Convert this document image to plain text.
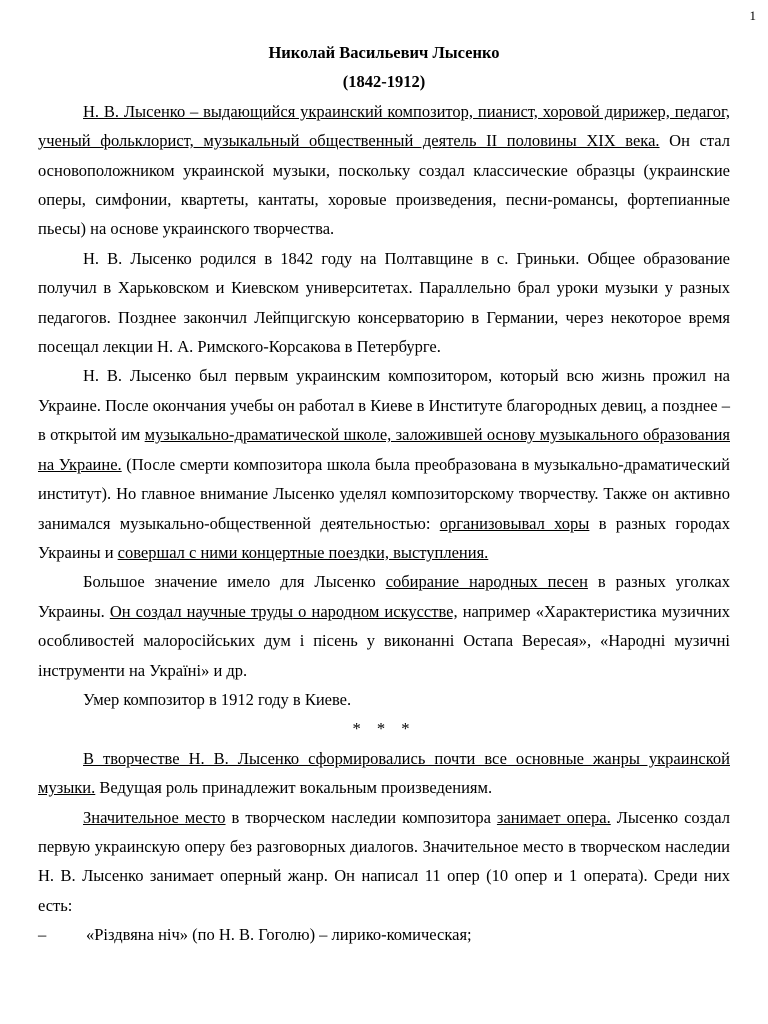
1

Николай Васильевич Лысенко

(1842-1912)

Н. В. Лысенко – выдающийся украинский композитор, пианист, хоровой дирижер, педагог, ученый фольклорист, музыкальный общественный деятель II половины XIX века. Он стал основоположником украинской музыки, поскольку создал классические образцы (украинские оперы, симфонии, квартеты, кантаты, хоровые произведения, песни-романсы, фортепианные пьесы) на основе украинского творчества.

Н. В. Лысенко родился в 1842 году на Полтавщине в с. Гриньки. Общее образование получил в Харьковском и Киевском университетах. Параллельно брал уроки музыки у разных педагогов. Позднее закончил Лейпцигскую консерваторию в Германии, через некоторое время посещал лекции Н. А. Римского-Корсакова в Петербурге.

Н. В. Лысенко был первым украинским композитором, который всю жизнь прожил на Украине. После окончания учебы он работал в Киеве в Институте благородных девиц, а позднее – в открытой им музыкально-драматической школе, заложившей основу музыкального образования на Украине. (После смерти композитора школа была преобразована в музыкально-драматический институт). Но главное внимание Лысенко уделял композиторскому творчеству. Также он активно занимался музыкально-общественной деятельностью: организовывал хоры в разных городах Украины и совершал с ними концертные поездки, выступления.

Большое значение имело для Лысенко собирание народных песен в разных уголках Украины. Он создал научные труды о народном искусстве, например «Характеристика музичних особливостей малоросійських дум і пісень у виконанні Остапа Вересая», «Народні музичні інструменти на Україні» и др.

Умер композитор в 1912 году в Киеве.

* * *

В творчестве Н. В. Лысенко сформировались почти все основные жанры украинской музыки. Ведущая роль принадлежит вокальным произведениям.

Значительное место в творческом наследии композитора занимает опера. Лысенко создал первую украинскую оперу без разговорных диалогов. Значительное место в творческом наследии Н. В. Лысенко занимает оперный жанр. Он написал 11 опер (10 опер и 1 операта). Среди них есть:

– «Різдвяна ніч» (по Н. В. Гоголю) – лирико-комическая;
